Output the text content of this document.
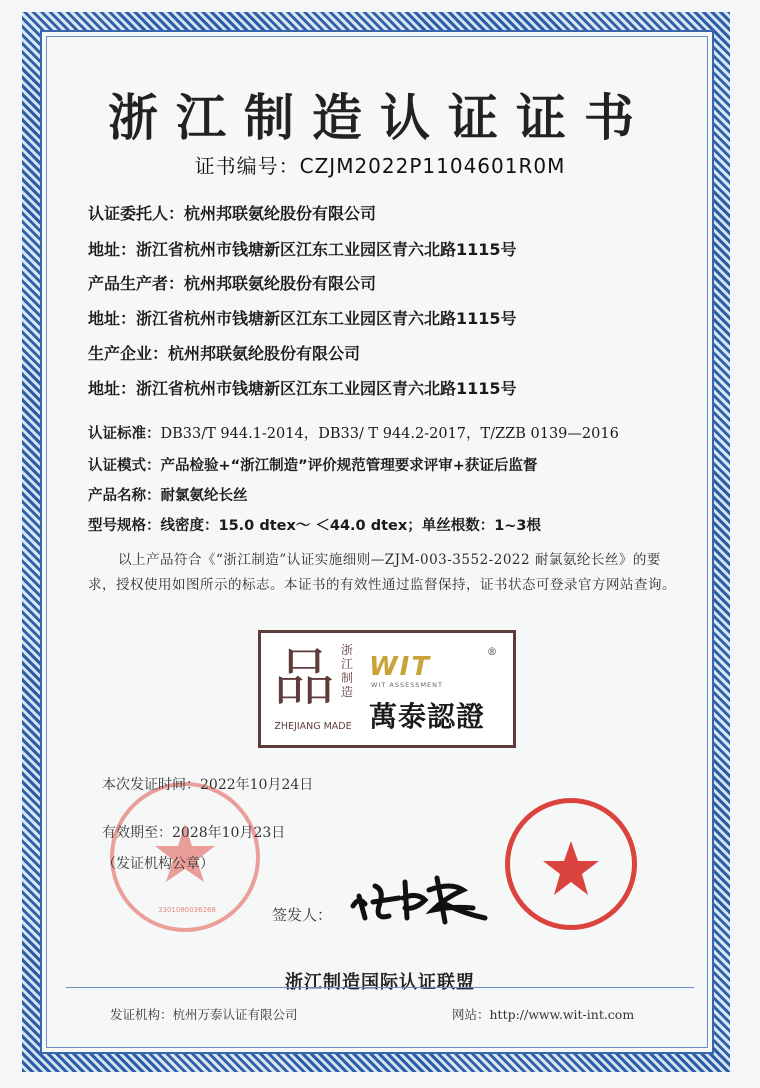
浙江制造认证证书
证书编号：CZJM2022P1104601R0M
认证委托人：杭州邦联氨纶股份有限公司
地址：浙江省杭州市钱塘新区江东工业园区青六北路1115号
产品生产者：杭州邦联氨纶股份有限公司
地址：浙江省杭州市钱塘新区江东工业园区青六北路1115号
生产企业：杭州邦联氨纶股份有限公司
地址：浙江省杭州市钱塘新区江东工业园区青六北路1115号
认证标准：DB33/T 944.1-2014，DB33/ T 944.2-2017，T/ZZB 0139—2016
认证模式：产品检验+“浙江制造”评价规范管理要求评审+获证后监督
产品名称：耐氯氨纶长丝
型号规格：线密度：15.0 dtex～ ＜44.0 dtex；单丝根数：1~3根
以上产品符合《“浙江制造”认证实施细则—ZJM-003-3552-2022 耐氯氨纶长丝》的要求，授权使用如图所示的标志。本证书的有效性通过监督保持，证书状态可登录官方网站查询。
品 浙江制造
ZHEJIANG MADE
WIT	®
WIT ASSESSMENT
萬泰認證
3301080036268
本次发证时间：2022年10月24日
有效期至：2028年10月23日
（发证机构公章）
签发人：
浙江制造国际认证联盟
发证机构：杭州万泰认证有限公司	网站：http://www.wit-int.com
